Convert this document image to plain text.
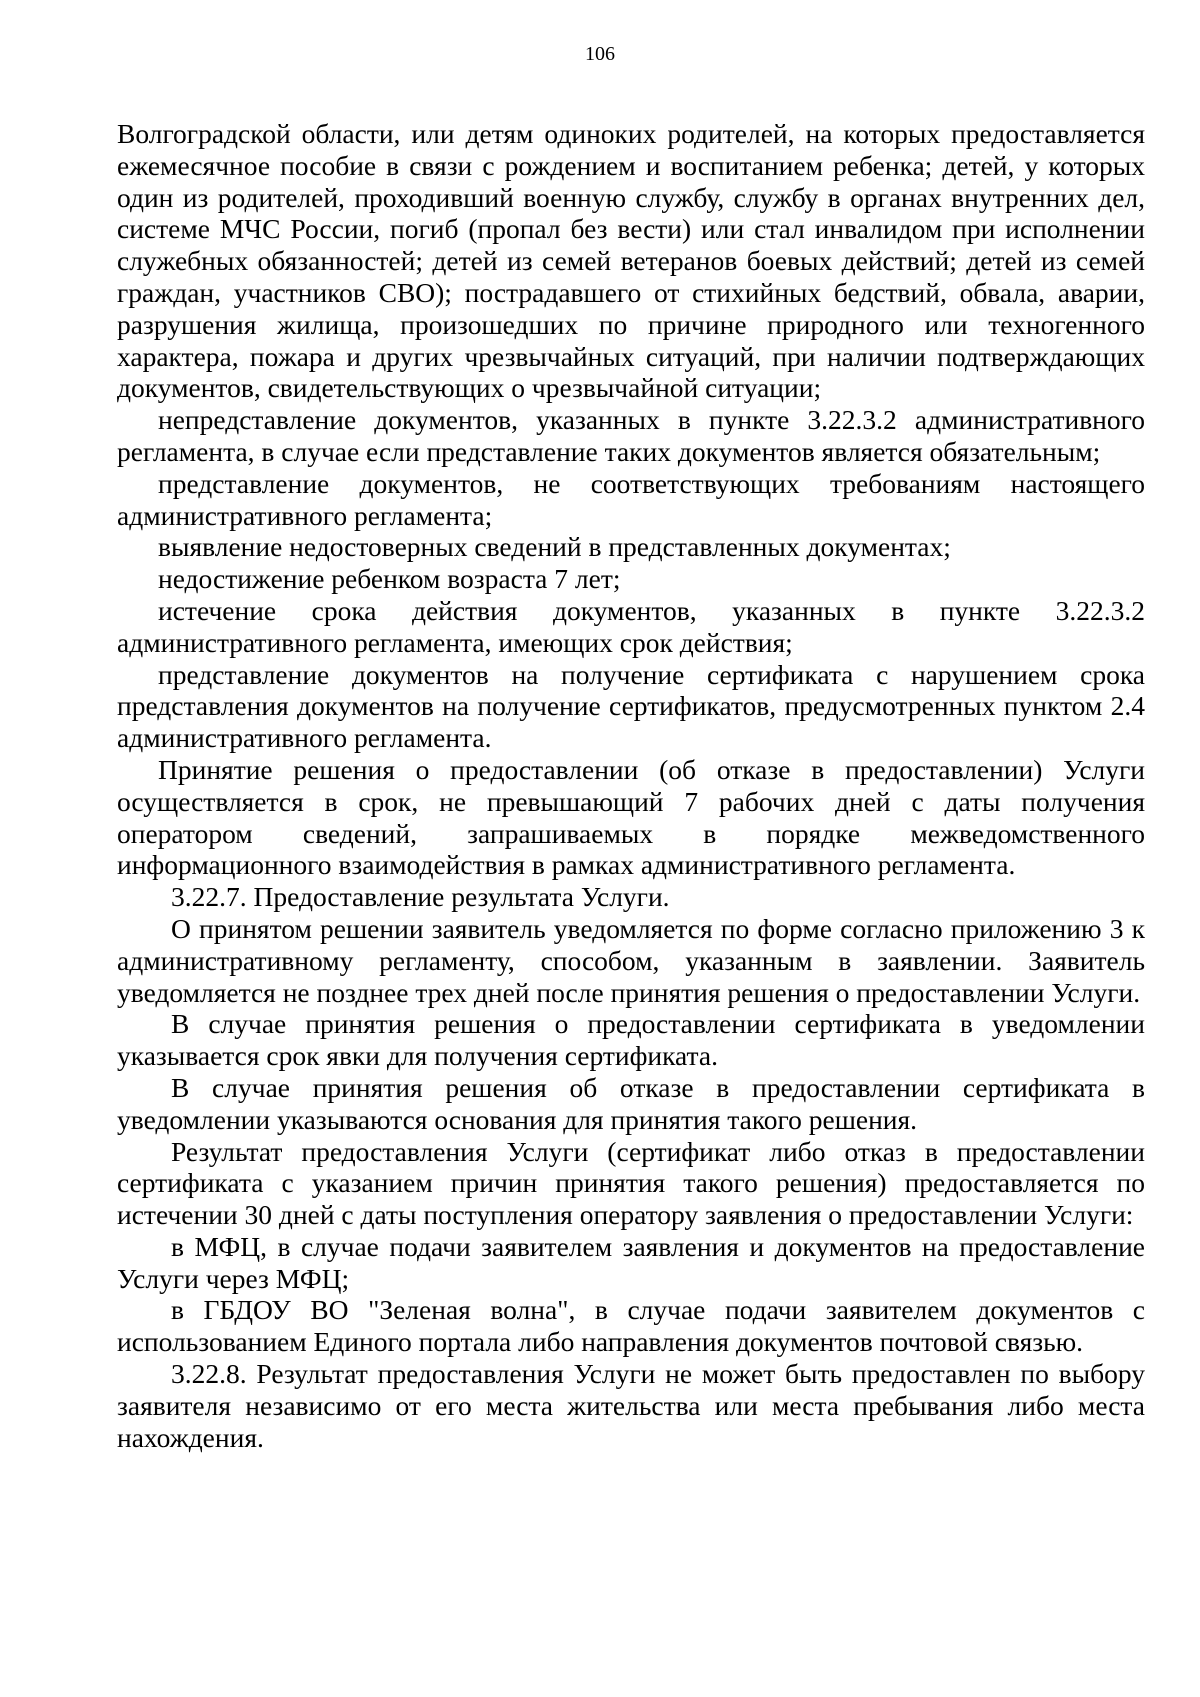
106

Волгоградской области, или детям одиноких родителей, на которых предоставляется ежемесячное пособие в связи с рождением и воспитанием ребенка; детей, у которых один из родителей, проходивший военную службу, службу в органах внутренних дел, системе МЧС России, погиб (пропал без вести) или стал инвалидом при исполнении служебных обязанностей; детей из семей ветеранов боевых действий; детей из семей граждан, участников СВО); пострадавшего от стихийных бедствий, обвала, аварии, разрушения жилища, произошедших по причине природного или техногенного характера, пожара и других чрезвычайных ситуаций, при наличии подтверждающих документов, свидетельствующих о чрезвычайной ситуации;

непредставление документов, указанных в пункте 3.22.3.2 административного регламента, в случае если представление таких документов является обязательным;

представление документов, не соответствующих требованиям настоящего административного регламента;

выявление недостоверных сведений в представленных документах;

недостижение ребенком возраста 7 лет;

истечение срока действия документов, указанных в пункте 3.22.3.2 административного регламента, имеющих срок действия;

представление документов на получение сертификата с нарушением срока представления документов на получение сертификатов, предусмотренных пунктом 2.4 административного регламента.

Принятие решения о предоставлении (об отказе в предоставлении) Услуги осуществляется в срок, не превышающий 7 рабочих дней с даты получения оператором сведений, запрашиваемых в порядке межведомственного информационного взаимодействия в рамках административного регламента.

3.22.7. Предоставление результата Услуги.

О принятом решении заявитель уведомляется по форме согласно приложению 3 к административному регламенту, способом, указанным в заявлении. Заявитель уведомляется не позднее трех дней после принятия решения о предоставлении Услуги.

В случае принятия решения о предоставлении сертификата в уведомлении указывается срок явки для получения сертификата.

В случае принятия решения об отказе в предоставлении сертификата в уведомлении указываются основания для принятия такого решения.

Результат предоставления Услуги (сертификат либо отказ в предоставлении сертификата с указанием причин принятия такого решения) предоставляется по истечении 30 дней с даты поступления оператору заявления о предоставлении Услуги:

в МФЦ, в случае подачи заявителем заявления и документов на предоставление Услуги через МФЦ;

в ГБДОУ ВО "Зеленая волна", в случае подачи заявителем документов с использованием Единого портала либо направления документов почтовой связью.

3.22.8. Результат предоставления Услуги не может быть предоставлен по выбору заявителя независимо от его места жительства или места пребывания либо места нахождения.
